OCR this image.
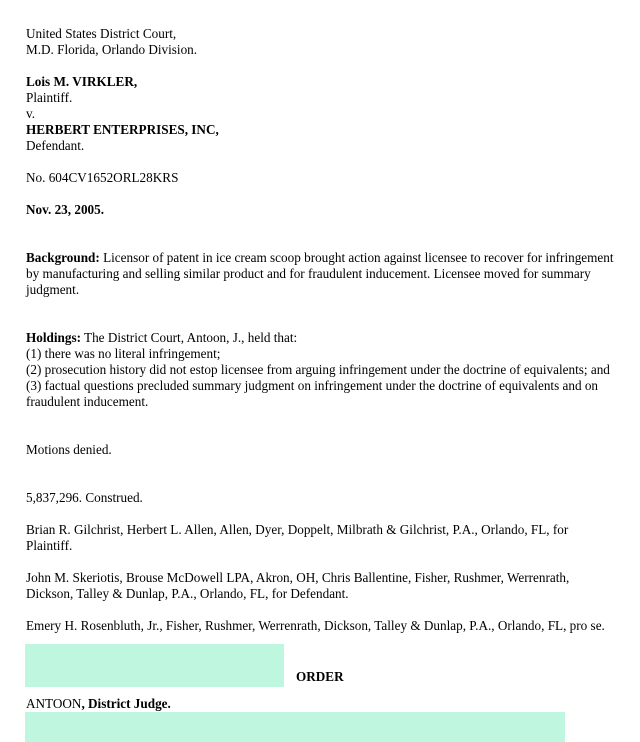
United States District Court,

M.D. Florida, Orlando Division.

Lois M. VIRKLER,

Plaintiff.

v.

HERBERT ENTERPRISES, INC,

Defendant.

No. 604CV1652ORL28KRS

Nov. 23, 2005.

Background: Licensor of patent in ice cream scoop brought action against licensee to recover for infringement by manufacturing and selling similar product and for fraudulent inducement. Licensee moved for summary judgment.

Holdings: The District Court, Antoon, J., held that:

(1) there was no literal infringement;

(2) prosecution history did not estop licensee from arguing infringement under the doctrine of equivalents; and

(3) factual questions precluded summary judgment on infringement under the doctrine of equivalents and on fraudulent inducement.

Motions denied.

5,837,296. Construed.

Brian R. Gilchrist, Herbert L. Allen, Allen, Dyer, Doppelt, Milbrath & Gilchrist, P.A., Orlando, FL, for Plaintiff.

John M. Skeriotis, Brouse McDowell LPA, Akron, OH, Chris Ballentine, Fisher, Rushmer, Werrenrath, Dickson, Talley & Dunlap, P.A., Orlando, FL, for Defendant.

Emery H. Rosenbluth, Jr., Fisher, Rushmer, Werrenrath, Dickson, Talley & Dunlap, P.A., Orlando, FL, pro se.

ORDER
ANTOON, District Judge.
